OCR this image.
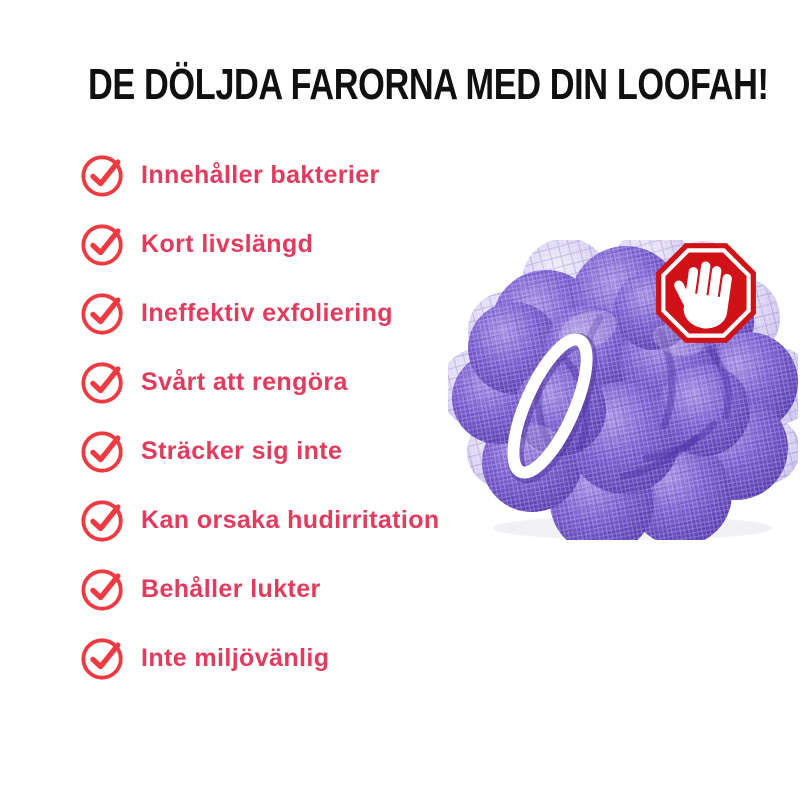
DE DÖLJDA FARORNA MED DIN LOOFAH!
Innehåller bakterier
Kort livslängd
Ineffektiv exfoliering
Svårt att rengöra
Sträcker sig inte
Kan orsaka hudirritation
Behåller lukter
Inte miljövänlig
